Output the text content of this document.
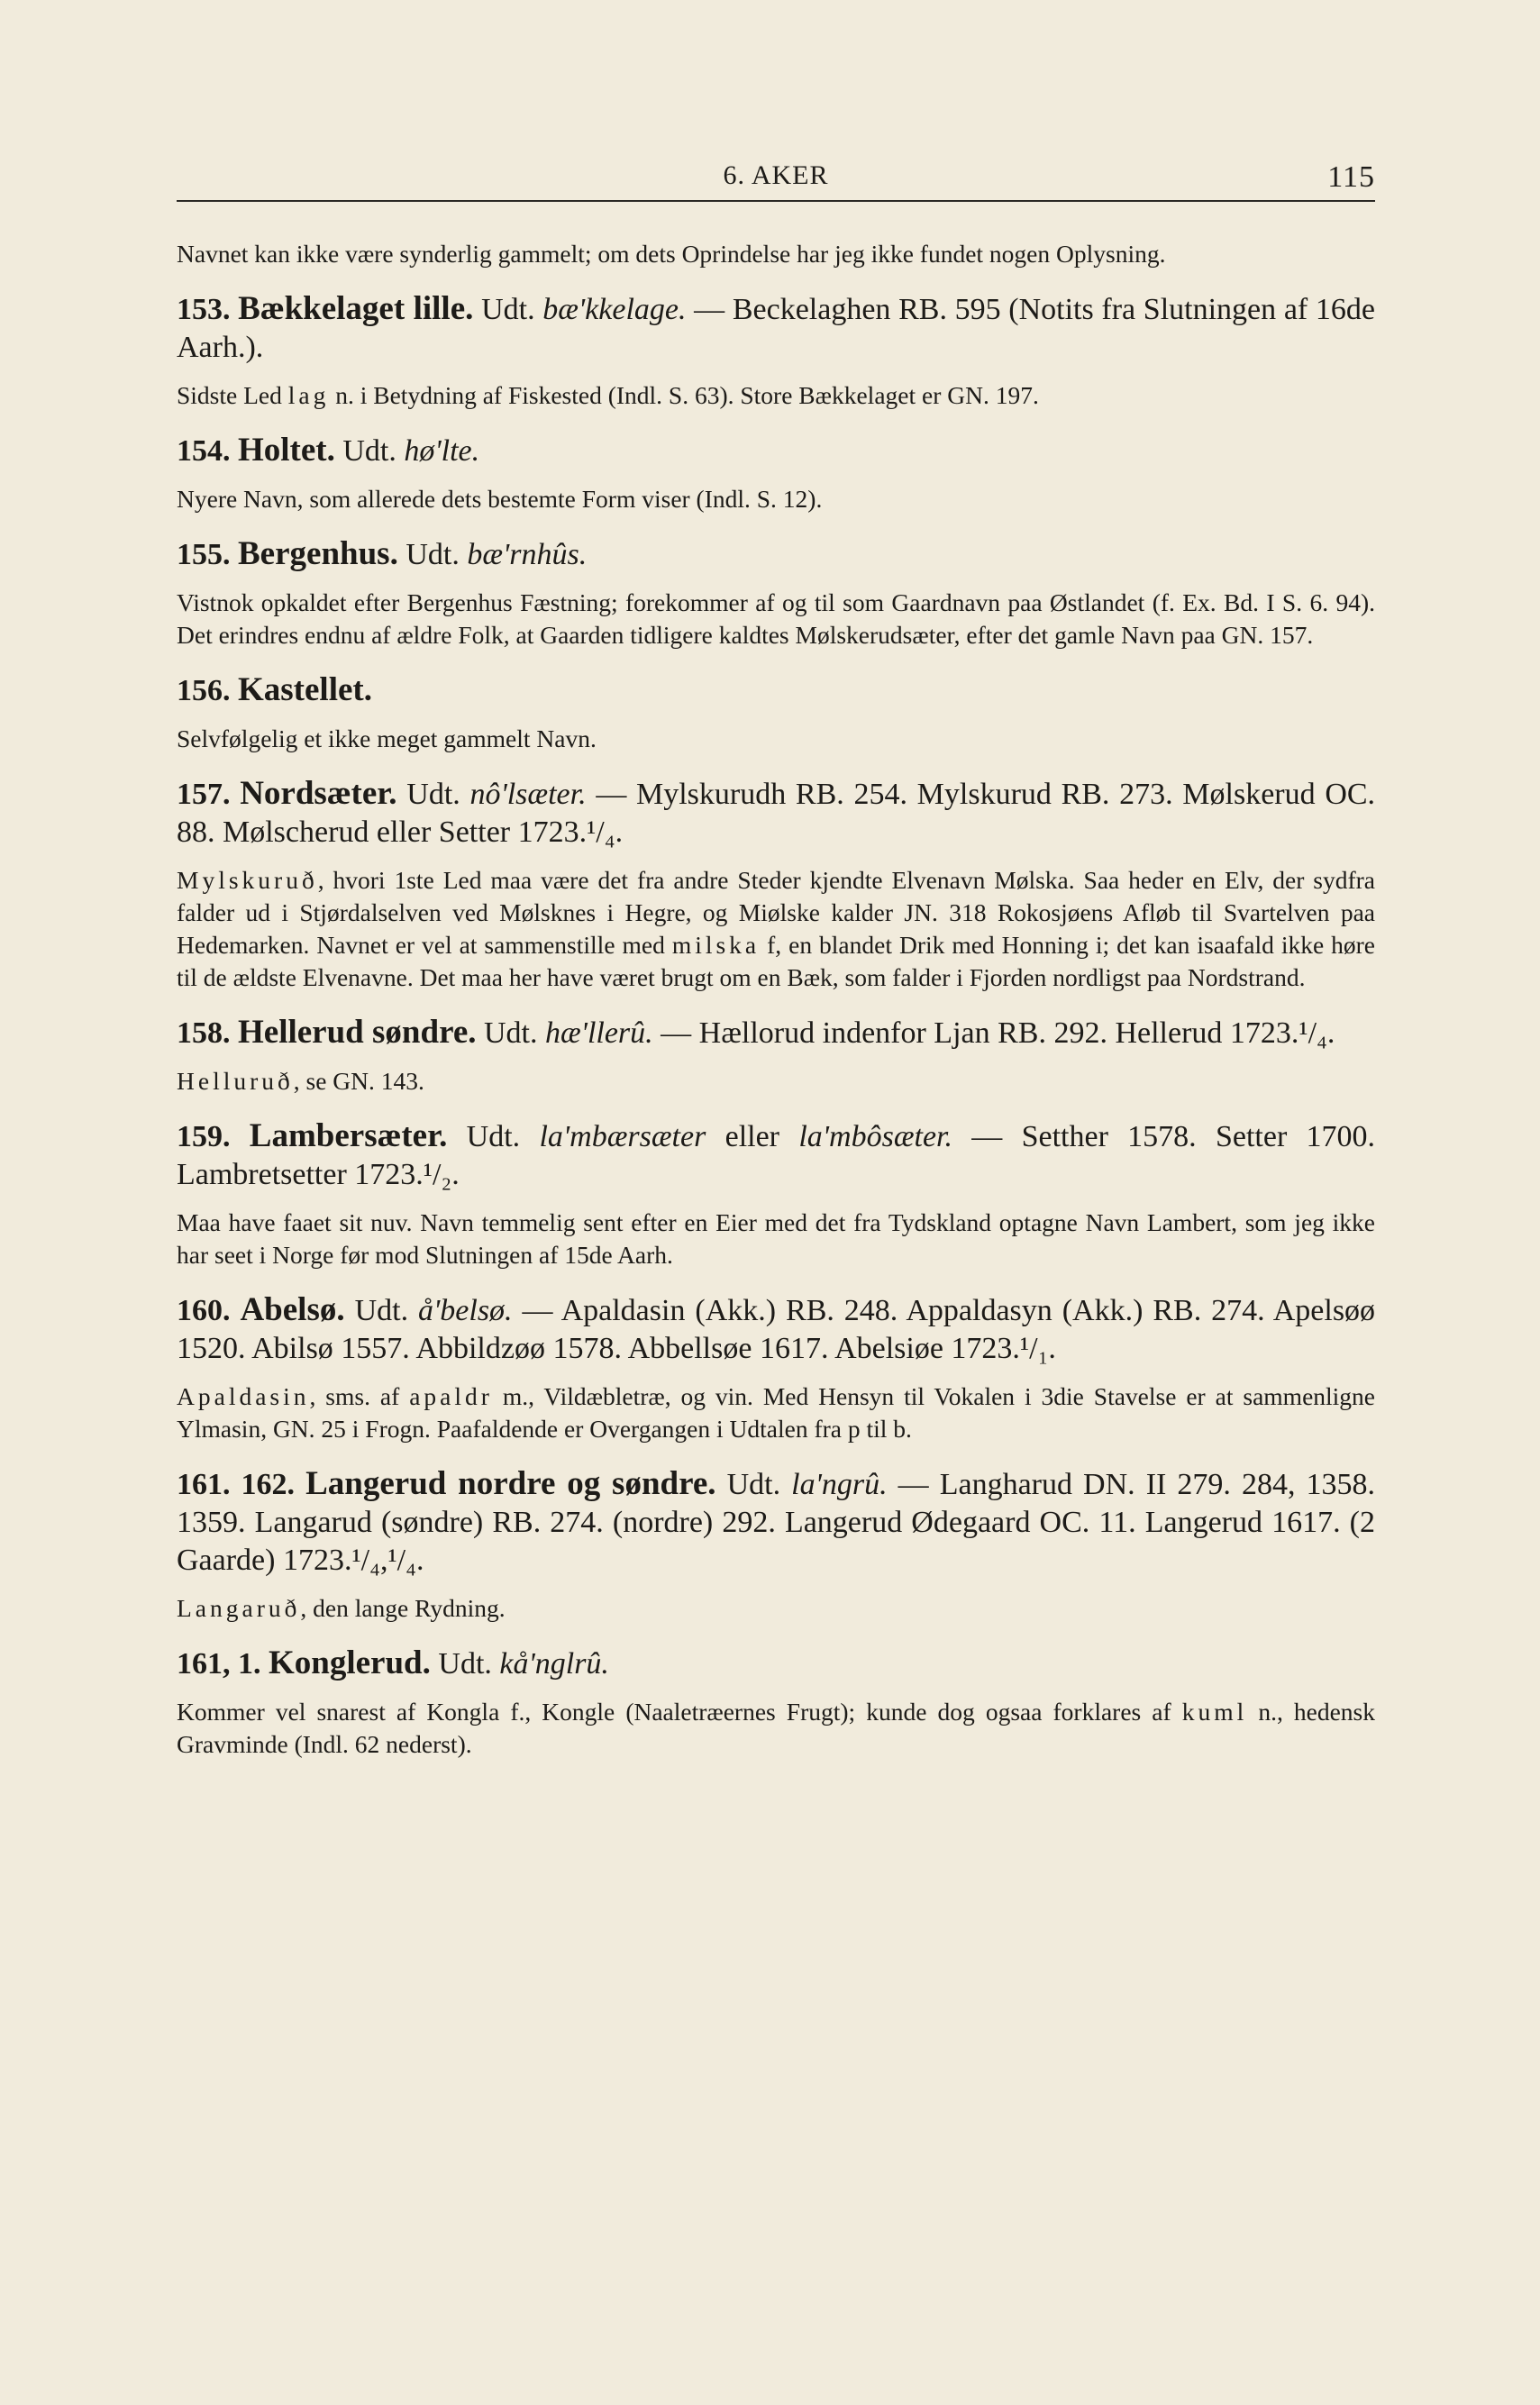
6. AKER	115

Navnet kan ikke være synderlig gammelt; om dets Oprindelse har jeg ikke fundet nogen Oplysning.

153. Bækkelaget lille. Udt. bæ'kkelage. — Beckelaghen RB. 595 (Notits fra Slutningen af 16de Aarh.).

Sidste Led lag n. i Betydning af Fiskested (Indl. S. 63). Store Bækkelaget er GN. 197.

154. Holtet. Udt. hø'lte.

Nyere Navn, som allerede dets bestemte Form viser (Indl. S. 12).

155. Bergenhus. Udt. bæ'rnhûs.

Vistnok opkaldet efter Bergenhus Fæstning; forekommer af og til som Gaardnavn paa Østlandet (f. Ex. Bd. I S. 6. 94). Det erindres endnu af ældre Folk, at Gaarden tidligere kaldtes Mølskerudsæter, efter det gamle Navn paa GN. 157.

156. Kastellet.

Selvfølgelig et ikke meget gammelt Navn.

157. Nordsæter. Udt. nô'lsæter. — Mylskurudh RB. 254. Mylskurud RB. 273. Mølskerud OC. 88. Mølscherud eller Setter 1723.¹/₄.

Mylskuruð, hvori 1ste Led maa være det fra andre Steder kjendte Elvenavn Mølska. Saa heder en Elv, der sydfra falder ud i Stjørdalselven ved Mølsknes i Hegre, og Miølske kalder JN. 318 Rokosjøens Afløb til Svartelven paa Hedemarken. Navnet er vel at sammenstille med milska f, en blandet Drik med Honning i; det kan isaafald ikke høre til de ældste Elvenavne. Det maa her have været brugt om en Bæk, som falder i Fjorden nordligst paa Nordstrand.

158. Hellerud søndre. Udt. hæ'llerû. — Hællorud indenfor Ljan RB. 292. Hellerud 1723.¹/₄.

Helluruð, se GN. 143.

159. Lambersæter. Udt. la'mbærsæter eller la'mbôsæter. — Setther 1578. Setter 1700. Lambretsetter 1723.¹/₂.

Maa have faaet sit nuv. Navn temmelig sent efter en Eier med det fra Tydskland optagne Navn Lambert, som jeg ikke har seet i Norge før mod Slutningen af 15de Aarh.

160. Abelsø. Udt. å'belsø. — Apaldasin (Akk.) RB. 248. Appaldasyn (Akk.) RB. 274. Apelsøø 1520. Abilsø 1557. Abbildzøø 1578. Abbellsøe 1617. Abelsiøe 1723.¹/₁.

Apaldasin, sms. af apaldr m., Vildæbletræ, og vin. Med Hensyn til Vokalen i 3die Stavelse er at sammenligne Ylmasin, GN. 25 i Frogn. Paafaldende er Overgangen i Udtalen fra p til b.

161. 162. Langerud nordre og søndre. Udt. la'ngrû. — Langharud DN. II 279. 284, 1358. 1359. Langarud (søndre) RB. 274. (nordre) 292. Langerud Ødegaard OC. 11. Langerud 1617. (2 Gaarde) 1723.¹/₄,¹/₄.

Langaruð, den lange Rydning.

161, 1. Konglerud. Udt. kå'nglrû.

Kommer vel snarest af Kongla f., Kongle (Naaletræernes Frugt); kunde dog ogsaa forklares af kuml n., hedensk Gravminde (Indl. 62 nederst).
